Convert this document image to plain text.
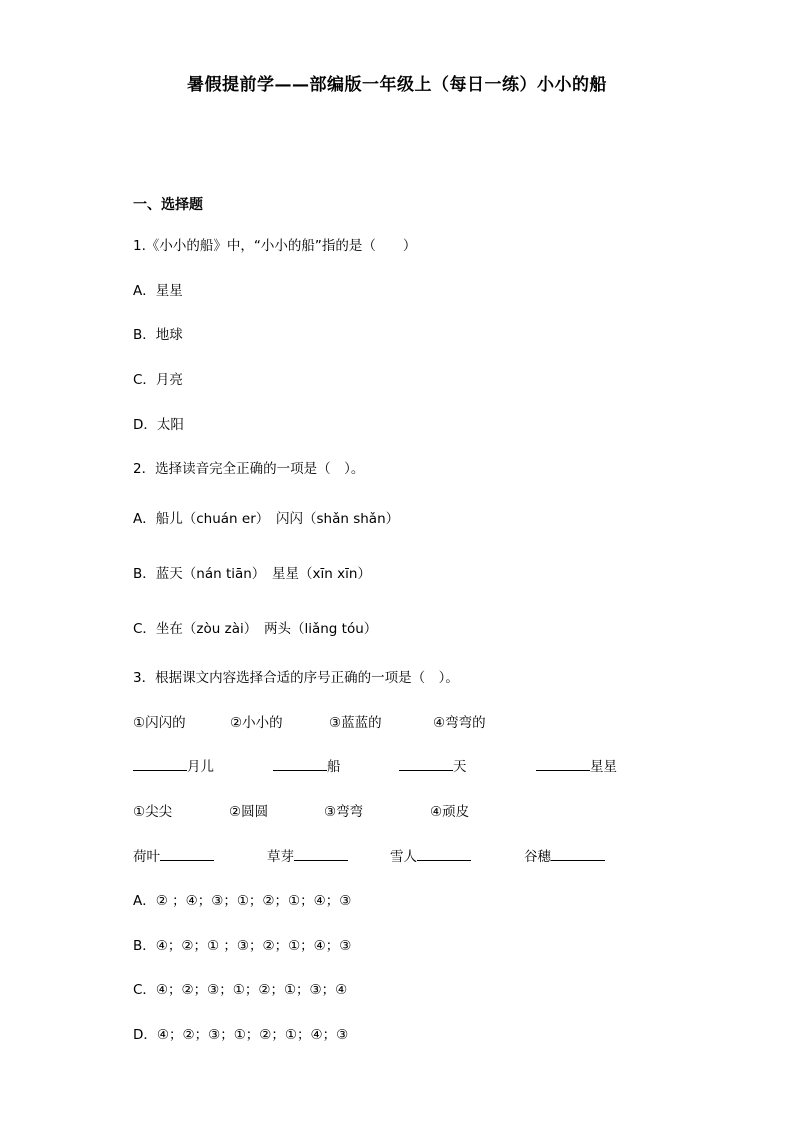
暑假提前学——部编版一年级上（每日一练）小小的船
一、选择题
1.《小小的船》中，“小小的船”指的是（　　）
A．星星
B．地球
C．月亮
D．太阳
2．选择读音完全正确的一项是（　）。
A．船儿（chuán er）　闪闪（shǎn shǎn）
B．蓝天（nán tiān）　星星（xīn xīn）
C．坐在（zòu zài）　两头（liǎng tóu）
3．根据课文内容选择合适的序号正确的一项是（　）。
①闪闪的	②小小的	③蓝蓝的	④弯弯的
月儿	船	天	星星
①尖尖	②圆圆	③弯弯	④顽皮
荷叶	草芽	雪人	谷穗
A．② ；④；③；①；②；①；④；③
B．④；②；① ；③；②；①；④；③
C．④；②；③；①；②；①；③；④
D．④；②；③；①；②；①；④；③
